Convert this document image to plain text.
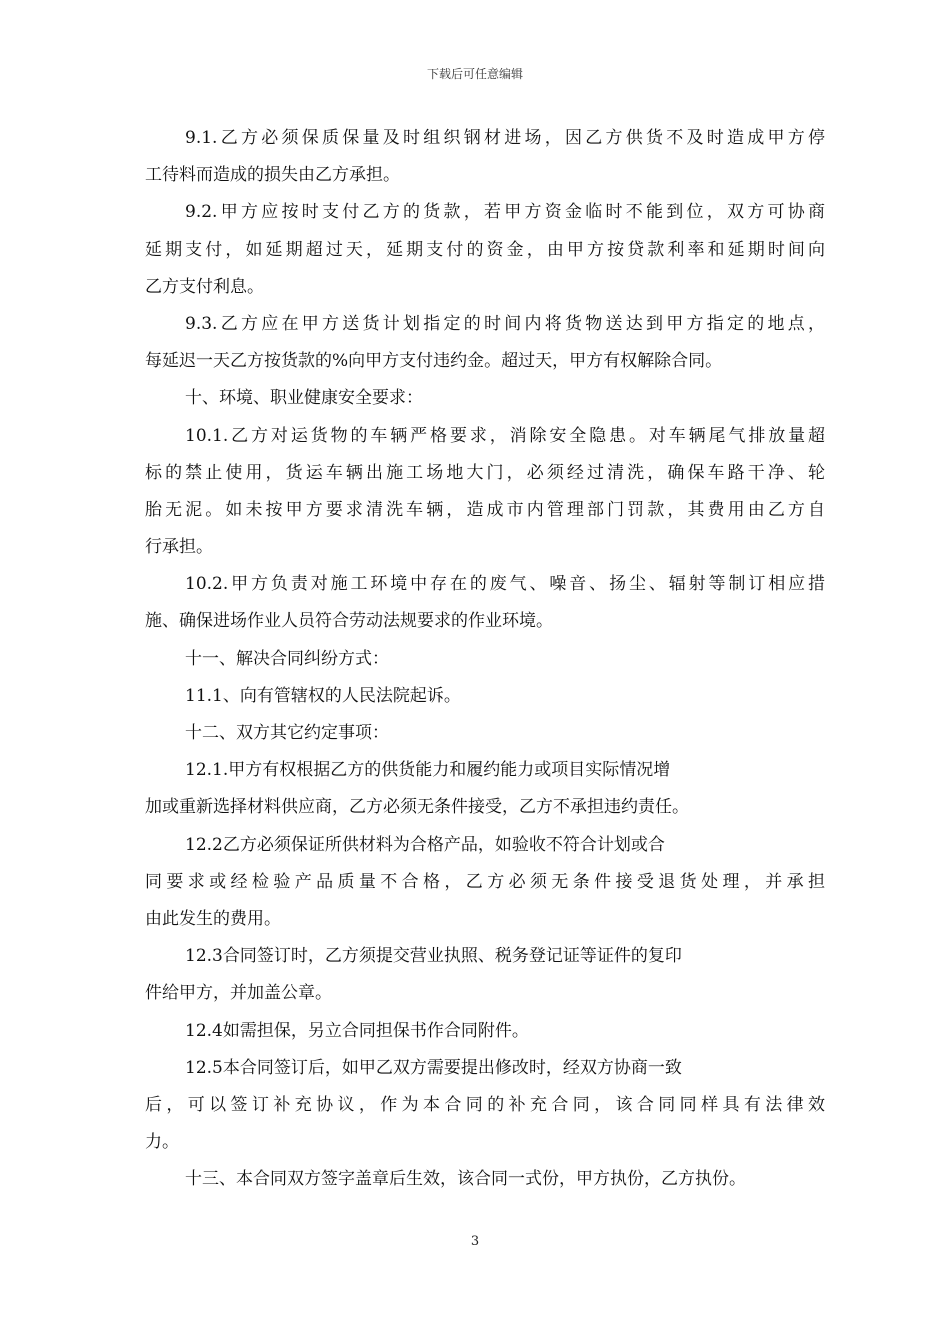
下载后可任意编辑
9.1.乙方必须保质保量及时组织钢材进场，因乙方供货不及时造成甲方停
工待料而造成的损失由乙方承担。
9.2.甲方应按时支付乙方的货款，若甲方资金临时不能到位，双方可协商
延期支付，如延期超过天，延期支付的资金，由甲方按贷款利率和延期时间向
乙方支付利息。
9.3.乙方应在甲方送货计划指定的时间内将货物送达到甲方指定的地点，
每延迟一天乙方按货款的%向甲方支付违约金。超过天，甲方有权解除合同。
十、环境、职业健康安全要求：
10.1.乙方对运货物的车辆严格要求，消除安全隐患。对车辆尾气排放量超
标的禁止使用，货运车辆出施工场地大门，必须经过清洗，确保车路干净、轮
胎无泥。如未按甲方要求清洗车辆，造成市内管理部门罚款，其费用由乙方自
行承担。
10.2.甲方负责对施工环境中存在的废气、噪音、扬尘、辐射等制订相应措
施、确保进场作业人员符合劳动法规要求的作业环境。
十一、解决合同纠纷方式：
11.1、向有管辖权的人民法院起诉。
十二、双方其它约定事项：
12.1.甲方有权根据乙方的供货能力和履约能力或项目实际情况增
加或重新选择材料供应商，乙方必须无条件接受，乙方不承担违约责任。
12.2乙方必须保证所供材料为合格产品，如验收不符合计划或合
同要求或经检验产品质量不合格，乙方必须无条件接受退货处理，并承担
由此发生的费用。
12.3合同签订时，乙方须提交营业执照、税务登记证等证件的复印
件给甲方，并加盖公章。
12.4如需担保，另立合同担保书作合同附件。
12.5本合同签订后，如甲乙双方需要提出修改时，经双方协商一致
后，可以签订补充协议，作为本合同的补充合同，该合同同样具有法律效
力。
十三、本合同双方签字盖章后生效，该合同一式份，甲方执份，乙方执份。
3
